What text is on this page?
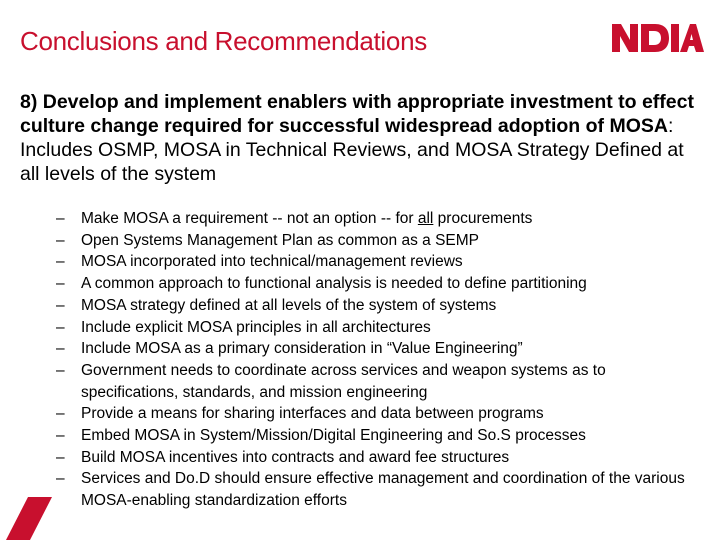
Conclusions and Recommendations
NDIA
8) Develop and implement enablers with appropriate investment to effect culture change required for successful widespread adoption of MOSA: Includes OSMP, MOSA in Technical Reviews, and MOSA Strategy Defined at all levels of the system
– Make MOSA a requirement -- not an option -- for all procurements
– Open Systems Management Plan as common as a SEMP
– MOSA incorporated into technical/management reviews
– A common approach to functional analysis is needed to define partitioning
– MOSA strategy defined at all levels of the system of systems
– Include explicit MOSA principles in all architectures
– Include MOSA as a primary consideration in “Value Engineering”
– Government needs to coordinate across services and weapon systems as to specifications, standards, and mission engineering
– Provide a means for sharing interfaces and data between programs
– Embed MOSA in System/Mission/Digital Engineering and So.S processes
– Build MOSA incentives into contracts and award fee structures
– Services and Do.D should ensure effective management and coordination of the various MOSA-enabling standardization efforts
